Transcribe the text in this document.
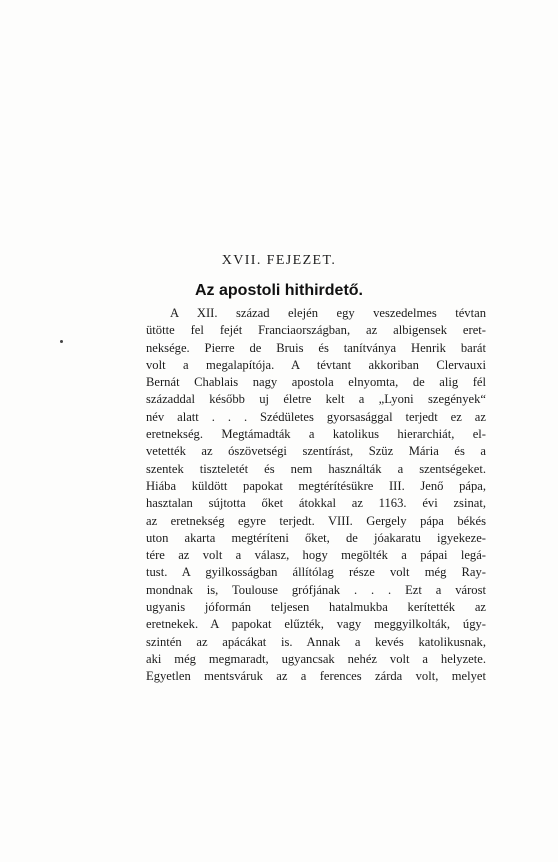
XVII. FEJEZET.
Az apostoli hithirdető.
A XII. század elején egy veszedelmes tévtan
ütötte fel fejét Franciaországban, az albigensek eret-
neksége. Pierre de Bruis és tanítványa Henrik barát
volt a megalapítója. A tévtant akkoriban Clervauxi
Bernát Chablais nagy apostola elnyomta, de alig fél
századdal később uj életre kelt a „Lyoni szegények“
név alatt . . . Szédületes gyorsasággal terjedt ez az
eretnekség. Megtámadták a katolikus hierarchiát, el-
vetették az ószövetségi szentírást, Szüz Mária és a
szentek tiszteletét és nem használták a szentségeket.
Hiába küldött papokat megtérítésükre III. Jenő pápa,
hasztalan sújtotta őket átokkal az 1163. évi zsinat,
az eretnekség egyre terjedt. VIII. Gergely pápa békés
uton akarta megtéríteni őket, de jóakaratu igyekeze-
tére az volt a válasz, hogy megölték a pápai legá-
tust. A gyilkosságban állítólag része volt még Ray-
mondnak is, Toulouse grófjának . . . Ezt a várost
ugyanis jóformán teljesen hatalmukba kerítették az
eretnekek. A papokat elűzték, vagy meggyilkolták, úgy-
szintén az apácákat is. Annak a kevés katolikusnak,
aki még megmaradt, ugyancsak nehéz volt a helyzete.
Egyetlen mentsváruk az a ferences zárda volt, melyet
